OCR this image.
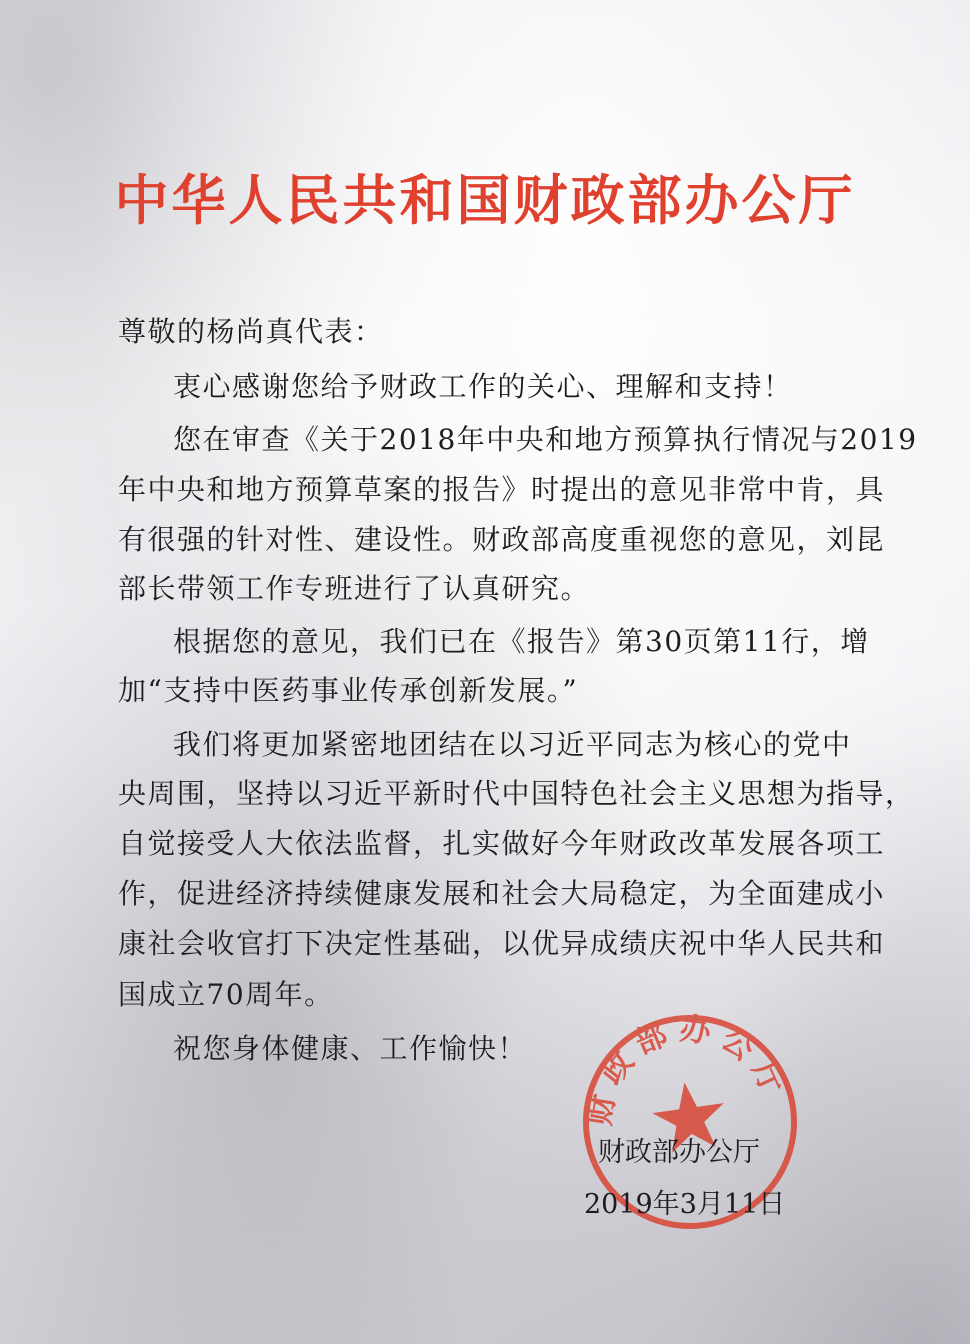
中华人民共和国财政部办公厅
尊敬的杨尚真代表：
衷心感谢您给予财政工作的关心、理解和支持！
您在审查《关于2018年中央和地方预算执行情况与2019
年中央和地方预算草案的报告》时提出的意见非常中肯，具
有很强的针对性、建设性。财政部高度重视您的意见，刘昆
部长带领工作专班进行了认真研究。
根据您的意见，我们已在《报告》第30页第11行，增
加“支持中医药事业传承创新发展。”
我们将更加紧密地团结在以习近平同志为核心的党中
央周围，坚持以习近平新时代中国特色社会主义思想为指导，
自觉接受人大依法监督，扎实做好今年财政改革发展各项工
作，促进经济持续健康发展和社会大局稳定，为全面建成小
康社会收官打下决定性基础，以优异成绩庆祝中华人民共和
国成立70周年。
祝您身体健康、工作愉快！
财政部办公厅
财政部办公厅
2019年3月11日
